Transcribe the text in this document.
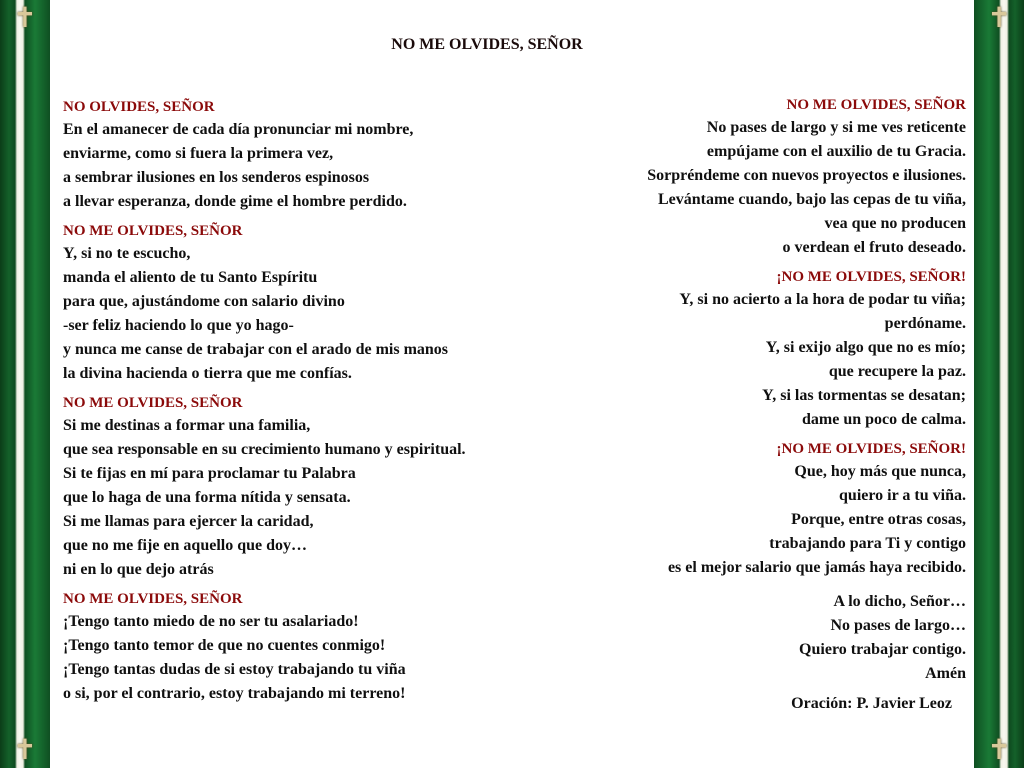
✝
✝
✝
✝
NO ME OLVIDES, SEÑOR
NO OLVIDES, SEÑOR
En el amanecer de cada día pronunciar mi nombre,
enviarme, como si fuera la primera vez,
a sembrar ilusiones en los senderos espinosos
a llevar esperanza, donde gime el hombre perdido.
NO ME OLVIDES, SEÑOR
Y, si no te escucho,
manda el aliento de tu Santo Espíritu
para que, ajustándome con salario divino
-ser feliz haciendo lo que yo hago-
y nunca me canse de trabajar con el arado de mis manos
la divina hacienda o tierra que me confías.
NO ME OLVIDES, SEÑOR
Si me destinas a formar una familia,
que sea responsable en su crecimiento humano y espiritual.
Si te fijas en mí para proclamar tu Palabra
que lo haga de una forma nítida y sensata.
Si me llamas para ejercer la caridad,
que no me fije en aquello que doy…
ni en lo que dejo atrás
NO ME OLVIDES, SEÑOR
¡Tengo tanto miedo de no ser tu asalariado!
¡Tengo tanto temor de que no cuentes conmigo!
¡Tengo tantas dudas de si estoy trabajando tu viña
o si, por el contrario, estoy trabajando mi terreno!
NO ME OLVIDES, SEÑOR
No pases de largo y si me ves reticente
empújame con el auxilio de tu Gracia.
Sorpréndeme con nuevos proyectos e ilusiones.
Levántame cuando, bajo las cepas de tu viña,
vea que no producen
o verdean el fruto deseado.
¡NO ME OLVIDES, SEÑOR!
Y, si no acierto a la hora de podar tu viña;
perdóname.
Y, si exijo algo que no es mío;
que recupere la paz.
Y, si las tormentas se desatan;
dame un poco de calma.
¡NO ME OLVIDES, SEÑOR!
Que, hoy más que nunca,
quiero ir a tu viña.
Porque, entre otras cosas,
trabajando para Ti y contigo
es el mejor salario que jamás haya recibido.
A lo dicho, Señor…
No pases de largo…
Quiero trabajar contigo.
Amén
Oración: P. Javier Leoz
